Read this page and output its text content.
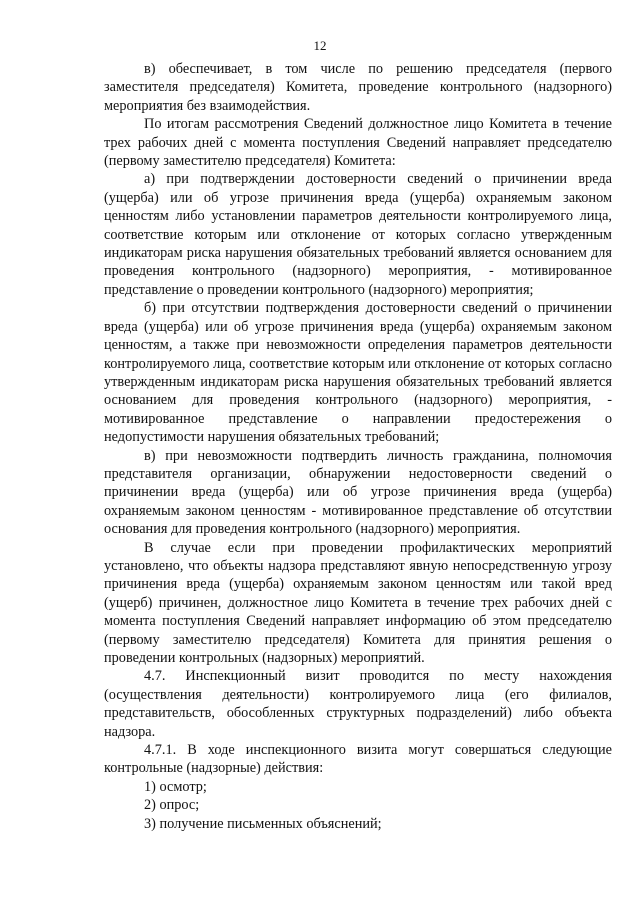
12

в) обеспечивает, в том числе по решению председателя (первого заместителя председателя) Комитета, проведение контрольного (надзорного) мероприятия без взаимодействия.

По итогам рассмотрения Сведений должностное лицо Комитета в течение трех рабочих дней с момента поступления Сведений направляет председателю (первому заместителю председателя) Комитета:

а) при подтверждении достоверности сведений о причинении вреда (ущерба) или об угрозе причинения вреда (ущерба) охраняемым законом ценностям либо установлении параметров деятельности контролируемого лица, соответствие которым или отклонение от которых согласно утвержденным индикаторам риска нарушения обязательных требований является основанием для проведения контрольного (надзорного) мероприятия, - мотивированное представление о проведении контрольного (надзорного) мероприятия;

б) при отсутствии подтверждения достоверности сведений о причинении вреда (ущерба) или об угрозе причинения вреда (ущерба) охраняемым законом ценностям, а также при невозможности определения параметров деятельности контролируемого лица, соответствие которым или отклонение от которых согласно утвержденным индикаторам риска нарушения обязательных требований является основанием для проведения контрольного (надзорного) мероприятия, - мотивированное представление о направлении предостережения о недопустимости нарушения обязательных требований;

в) при невозможности подтвердить личность гражданина, полномочия представителя организации, обнаружении недостоверности сведений о причинении вреда (ущерба) или об угрозе причинения вреда (ущерба) охраняемым законом ценностям - мотивированное представление об отсутствии основания для проведения контрольного (надзорного) мероприятия.

В случае если при проведении профилактических мероприятий установлено, что объекты надзора представляют явную непосредственную угрозу причинения вреда (ущерба) охраняемым законом ценностям или такой вред (ущерб) причинен, должностное лицо Комитета в течение трех рабочих дней с момента поступления Сведений направляет информацию об этом председателю (первому заместителю председателя) Комитета для принятия решения о проведении контрольных (надзорных) мероприятий.

4.7. Инспекционный визит проводится по месту нахождения (осуществления деятельности) контролируемого лица (его филиалов, представительств, обособленных структурных подразделений) либо объекта надзора.

4.7.1. В ходе инспекционного визита могут совершаться следующие контрольные (надзорные) действия:

1) осмотр;

2) опрос;

3) получение письменных объяснений;
